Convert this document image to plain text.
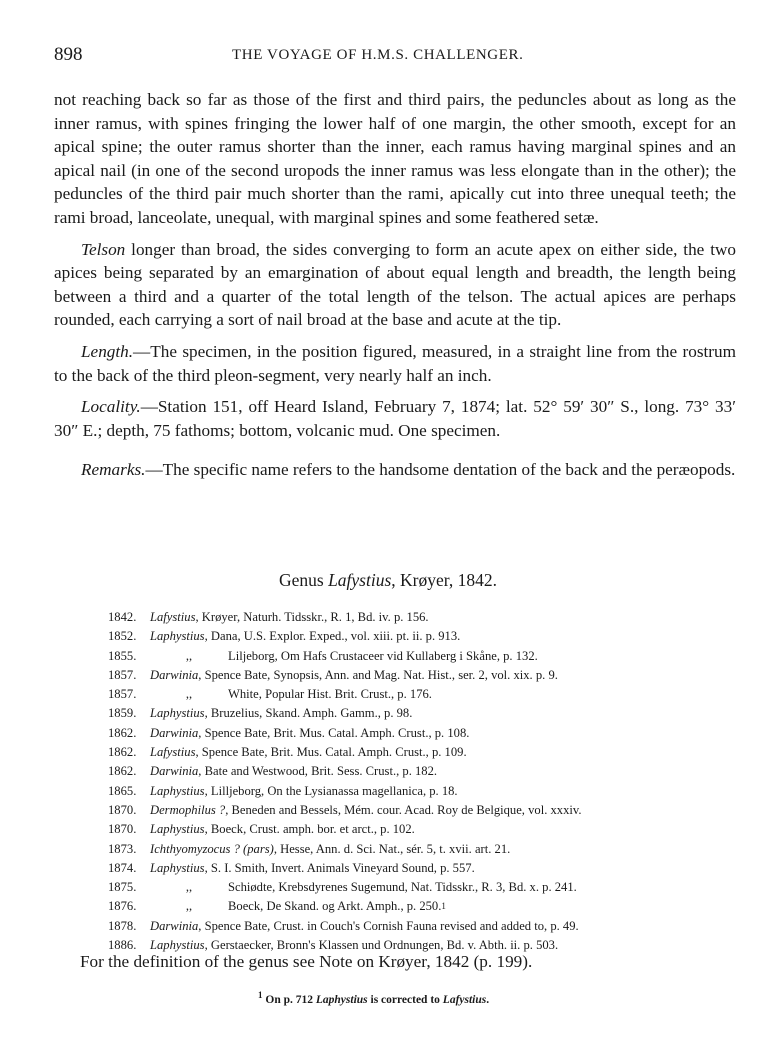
898	THE VOYAGE OF H.M.S. CHALLENGER.

not reaching back so far as those of the first and third pairs, the peduncles about as long as the inner ramus, with spines fringing the lower half of one margin, the other smooth, except for an apical spine; the outer ramus shorter than the inner, each ramus having marginal spines and an apical nail (in one of the second uropods the inner ramus was less elongate than in the other); the peduncles of the third pair much shorter than the rami, apically cut into three unequal teeth; the rami broad, lanceolate, unequal, with marginal spines and some feathered setæ.

Telson longer than broad, the sides converging to form an acute apex on either side, the two apices being separated by an emargination of about equal length and breadth, the length being between a third and a quarter of the total length of the telson. The actual apices are perhaps rounded, each carrying a sort of nail broad at the base and acute at the tip.

Length.—The specimen, in the position figured, measured, in a straight line from the rostrum to the back of the third pleon-segment, very nearly half an inch.

Locality.—Station 151, off Heard Island, February 7, 1874; lat. 52° 59′ 30″ S., long. 73° 33′ 30″ E.; depth, 75 fathoms; bottom, volcanic mud. One specimen.

Remarks.—The specific name refers to the handsome dentation of the back and the peræopods.

Genus Lafystius, Krøyer, 1842.
1842.	Lafystius , Krøyer, Naturh. Tidsskr., R. 1, Bd. iv. p. 156.
1852.	Laphystius , Dana, U.S. Explor. Exped., vol. xiii. pt. ii. p. 913.
1855.	,,	Liljeborg, Om Hafs Crustaceer vid Kullaberg i Skåne, p. 132.
1857.	Darwinia , Spence Bate, Synopsis, Ann. and Mag. Nat. Hist., ser. 2, vol. xix. p. 9.
1857.	,,	White, Popular Hist. Brit. Crust., p. 176.
1859.	Laphystius , Bruzelius, Skand. Amph. Gamm., p. 98.
1862.	Darwinia , Spence Bate, Brit. Mus. Catal. Amph. Crust., p. 108.
1862.	Lafystius , Spence Bate, Brit. Mus. Catal. Amph. Crust., p. 109.
1862.	Darwinia , Bate and Westwood, Brit. Sess. Crust., p. 182.
1865.	Laphystius , Lilljeborg, On the Lysianassa magellanica, p. 18.
1870.	Dermophilus ? , Beneden and Bessels, Mém. cour. Acad. Roy de Belgique, vol. xxxiv.
1870.	Laphystius , Boeck, Crust. amph. bor. et arct., p. 102.
1873.	Ichthyomyzocus ? (pars) , Hesse, Ann. d. Sci. Nat., sér. 5, t. xvii. art. 21.
1874.	Laphystius , S. I. Smith, Invert. Animals Vineyard Sound, p. 557.
1875.	,,	Schiødte, Krebsdyrenes Sugemund, Nat. Tidsskr., R. 3, Bd. x. p. 241.
1876.	,,	Boeck, De Skand. og Arkt. Amph., p. 250. 1
1878.	Darwinia , Spence Bate, Crust. in Couch's Cornish Fauna revised and added to, p. 49.
1886.	Laphystius , Gerstaecker, Bronn's Klassen und Ordnungen, Bd. v. Abth. ii. p. 503.
For the definition of the genus see Note on Krøyer, 1842 (p. 199).
$^1$ On p. 712 Laphystius is corrected to Lafystius.
